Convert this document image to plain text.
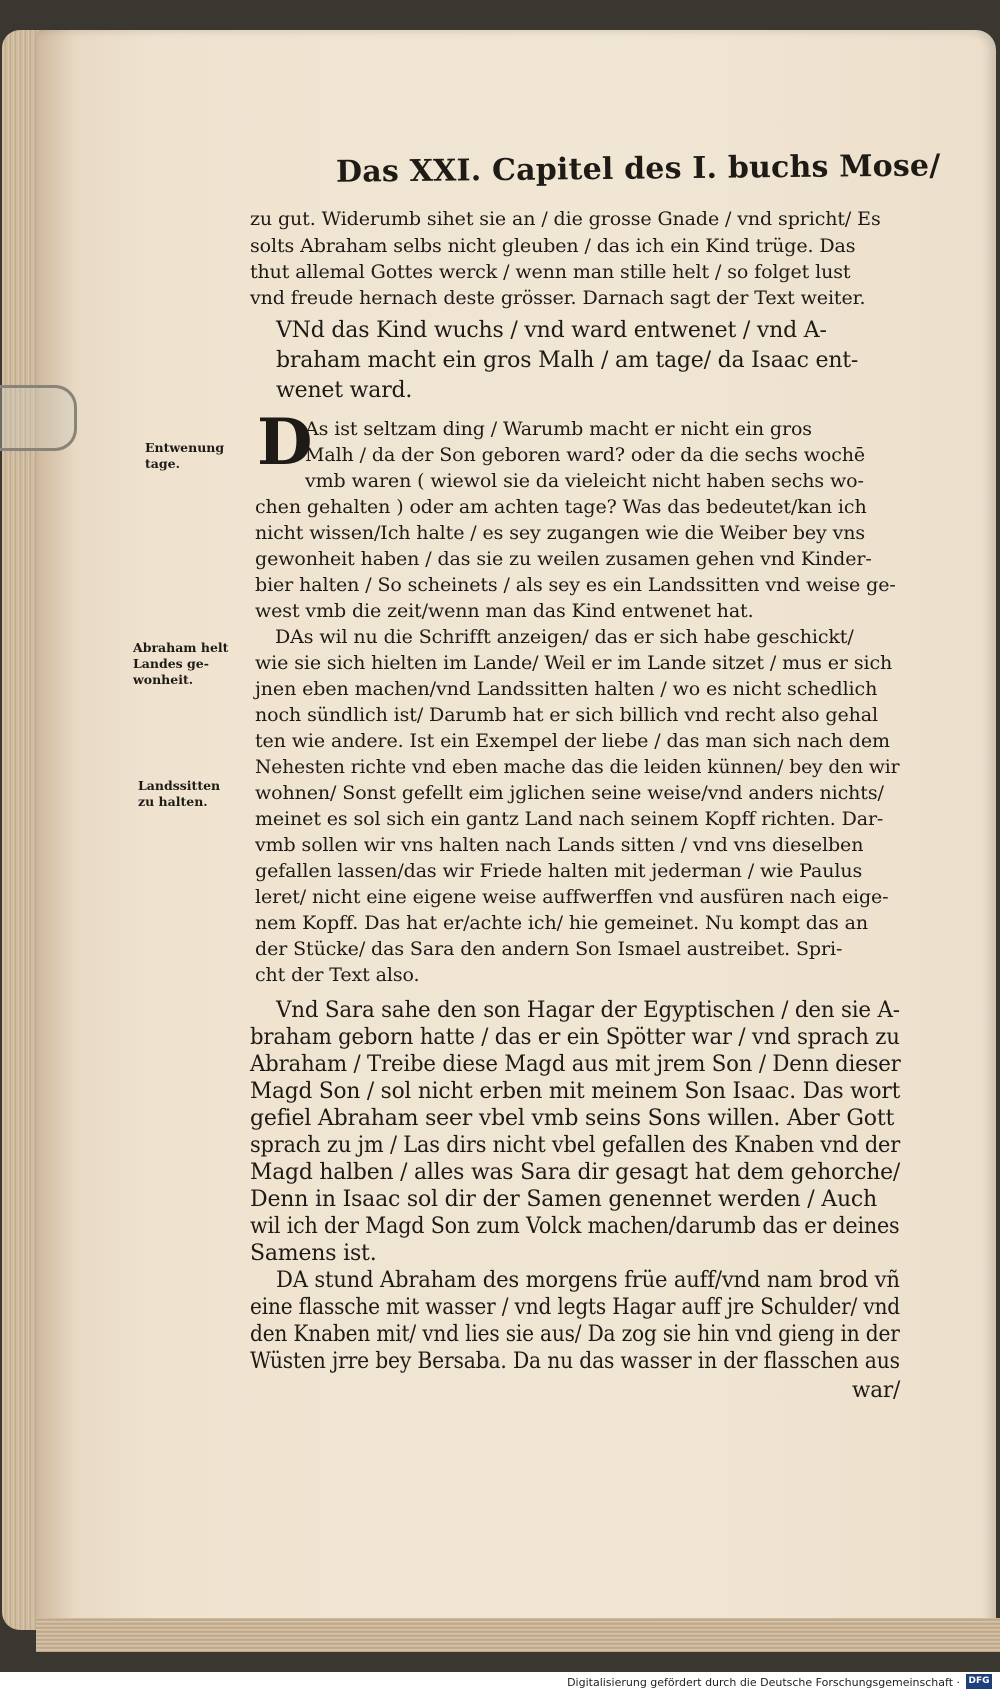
Das XXI. Capitel des I. buchs Mose/
D

zu gut. Widerumb sihet sie an / die grosse Gnade / vnd spricht/ Es

solts Abraham selbs nicht gleuben / das ich ein Kind trüge. Das

thut allemal Gottes werck / wenn man stille helt / so folget lust

vnd freude hernach deste grösser. Darnach sagt der Text weiter.

VNd das Kind wuchs / vnd ward entwenet / vnd A-

braham macht ein gros Malh / am tage/ da Isaac ent-

wenet ward.

As ist seltzam ding / Warumb macht er nicht ein gros

Malh / da der Son geboren ward? oder da die sechs wochē

vmb waren ( wiewol sie da vieleicht nicht haben sechs wo-

chen gehalten ) oder am achten tage? Was das bedeutet/kan ich

nicht wissen/Ich halte / es sey zugangen wie die Weiber bey vns

gewonheit haben / das sie zu weilen zusamen gehen vnd Kinder-

bier halten / So scheinets / als sey es ein Landssitten vnd weise ge-

west vmb die zeit/wenn man das Kind entwenet hat.

DAs wil nu die Schrifft anzeigen/ das er sich habe geschickt/

wie sie sich hielten im Lande/ Weil er im Lande sitzet / mus er sich

jnen eben machen/vnd Landssitten halten / wo es nicht schedlich

noch sündlich ist/ Darumb hat er sich billich vnd recht also gehal

ten wie andere. Ist ein Exempel der liebe / das man sich nach dem

Nehesten richte vnd eben mache das die leiden künnen/ bey den wir

wohnen/ Sonst gefellt eim jglichen seine weise/vnd anders nichts/

meinet es sol sich ein gantz Land nach seinem Kopff richten. Dar-

vmb sollen wir vns halten nach Lands sitten / vnd vns dieselben

gefallen lassen/das wir Friede halten mit jederman / wie Paulus

leret/ nicht eine eigene weise auffwerffen vnd ausfüren nach eige-

nem Kopff. Das hat er/achte ich/ hie gemeinet. Nu kompt das an

der Stücke/ das Sara den andern Son Ismael austreibet. Spri-

cht der Text also.

Vnd Sara sahe den son Hagar der Egyptischen / den sie A-

braham geborn hatte / das er ein Spötter war / vnd sprach zu

Abraham / Treibe diese Magd aus mit jrem Son / Denn dieser

Magd Son / sol nicht erben mit meinem Son Isaac. Das wort

gefiel Abraham seer vbel vmb seins Sons willen. Aber Gott

sprach zu jm / Las dirs nicht vbel gefallen des Knaben vnd der

Magd halben / alles was Sara dir gesagt hat dem gehorche/

Denn in Isaac sol dir der Samen genennet werden / Auch

wil ich der Magd Son zum Volck machen/darumb das er deines

Samens ist.

DA stund Abraham des morgens früe auff/vnd nam brod vñ

eine flassche mit wasser / vnd legts Hagar auff jre Schulder/ vnd

den Knaben mit/ vnd lies sie aus/ Da zog sie hin vnd gieng in der

Wüsten jrre bey Bersaba. Da nu das wasser in der flasschen aus

war/

Entwenung
tage.
Abraham helt
Landes ge-
wonheit.
Landssitten
zu halten.
Digitalisierung gefördert durch die Deutsche Forschungsgemeinschaft · DFG
